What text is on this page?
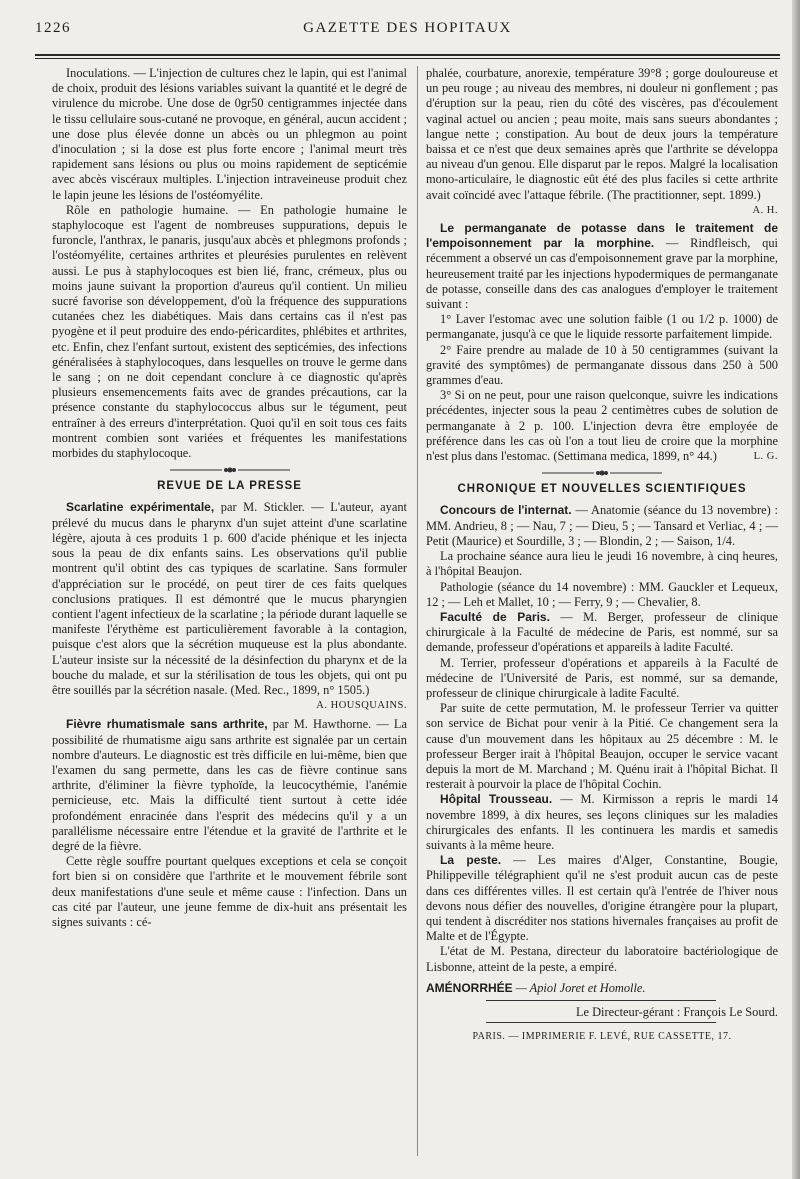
1226	GAZETTE DES HOPITAUX

Inoculations. — L'injection de cultures chez le lapin, qui est l'animal de choix, produit des lésions variables suivant la quantité et le degré de virulence du microbe. Une dose de 0gr50 centigrammes injectée dans le tissu cellulaire sous-cutané ne provoque, en général, aucun accident ; une dose plus élevée donne un abcès ou un phlegmon au point d'inoculation ; si la dose est plus forte encore ; l'animal meurt très rapidement sans lésions ou plus ou moins rapidement de septicémie avec abcès viscéraux multiples. L'injection intraveineuse produit chez le lapin jeune les lésions de l'ostéomyélite.

Rôle en pathologie humaine. — En pathologie humaine le staphylocoque est l'agent de nombreuses suppurations, depuis le furoncle, l'anthrax, le panaris, jusqu'aux abcès et phlegmons profonds ; l'ostéomyélite, certaines arthrites et pleurésies purulentes en relèvent aussi. Le pus à staphylocoques est bien lié, franc, crémeux, plus ou moins jaune suivant la proportion d'aureus qu'il contient. Un milieu sucré favorise son développement, d'où la fréquence des suppurations cutanées chez les diabétiques. Mais dans certains cas il n'est pas pyogène et il peut produire des endo-péricardites, phlébites et arthrites, etc. Enfin, chez l'enfant surtout, existent des septicémies, des infections généralisées à staphylocoques, dans lesquelles on trouve le germe dans le sang ; on ne doit cependant conclure à ce diagnostic qu'après plusieurs ensemencements faits avec de grandes précautions, car la présence constante du staphylococcus albus sur le tégument, peut entraîner à des erreurs d'interprétation. Quoi qu'il en soit tous ces faits montrent combien sont variées et fréquentes les manifestations morbides du staphylocoque.

REVUE DE LA PRESSE

Scarlatine expérimentale, par M. Stickler. — L'auteur, ayant prélevé du mucus dans le pharynx d'un sujet atteint d'une scarlatine légère, ajouta à ces produits 1 p. 600 d'acide phénique et les injecta sous la peau de dix enfants sains. Les observations qu'il publie montrent qu'il obtint des cas typiques de scarlatine. Sans formuler d'appréciation sur le procédé, on peut tirer de ces faits quelques conclusions pratiques. Il est démontré que le mucus pharyngien contient l'agent infectieux de la scarlatine ; la période durant laquelle se manifeste l'érythème est particulièrement favorable à la contagion, puisque c'est alors que la sécrétion muqueuse est la plus abondante. L'auteur insiste sur la nécessité de la désinfection du pharynx et de la bouche du malade, et sur la stérilisation de tous les objets, qui ont pu être souillés par la sécrétion nasale. (Med. Rec., 1899, n° 1505.)
A. HOUSQUAINS.

Fièvre rhumatismale sans arthrite, par M. Hawthorne. — La possibilité de rhumatisme aigu sans arthrite est signalée par un certain nombre d'auteurs. Le diagnostic est très difficile en lui-même, bien que l'examen du sang permette, dans les cas de fièvre continue sans arthrite, d'éliminer la fièvre typhoïde, la leucocythémie, l'anémie pernicieuse, etc. Mais la difficulté tient surtout à cette idée profondément enracinée dans l'esprit des médecins qu'il y a un parallélisme nécessaire entre l'étendue et la gravité de l'arthrite et le degré de la fièvre.

Cette règle souffre pourtant quelques exceptions et cela se conçoit fort bien si on considère que l'arthrite et le mouvement fébrile sont deux manifestations d'une seule et même cause : l'infection. Dans un cas cité par l'auteur, une jeune femme de dix-huit ans présentait les signes suivants : cé-

phalée, courbature, anorexie, température 39°8 ; gorge douloureuse et un peu rouge ; au niveau des membres, ni douleur ni gonflement ; pas d'éruption sur la peau, rien du côté des viscères, pas d'écoulement vaginal actuel ou ancien ; peau moite, mais sans sueurs abondantes ; langue nette ; constipation. Au bout de deux jours la température baissa et ce n'est que deux semaines après que l'arthrite se développa au niveau d'un genou. Elle disparut par le repos. Malgré la localisation mono-articulaire, le diagnostic eût été des plus faciles si cette arthrite avait coïncidé avec l'attaque fébrile. (The practitionner, sept. 1899.)
A. H.

Le permanganate de potasse dans le traitement de l'empoisonnement par la morphine. — Rindfleisch, qui récemment a observé un cas d'empoisonnement grave par la morphine, heureusement traité par les injections hypodermiques de permanganate de potasse, conseille dans des cas analogues d'employer le traitement suivant :

1° Laver l'estomac avec une solution faible (1 ou 1/2 p. 1000) de permanganate, jusqu'à ce que le liquide ressorte parfaitement limpide.

2° Faire prendre au malade de 10 à 50 centigrammes (suivant la gravité des symptômes) de permanganate dissous dans 250 à 500 grammes d'eau.

3° Si on ne peut, pour une raison quelconque, suivre les indications précédentes, injecter sous la peau 2 centimètres cubes de solution de permanganate à 2 p. 100. L'injection devra être employée de préférence dans les cas où l'on a tout lieu de croire que la morphine n'est plus dans l'estomac. (Settimana medica, 1899, n° 44.)	L. G.

CHRONIQUE ET NOUVELLES SCIENTIFIQUES

Concours de l'internat. — Anatomie (séance du 13 novembre) : MM. Andrieu, 8 ; — Nau, 7 ; — Dieu, 5 ; — Tansard et Verliac, 4 ; — Petit (Maurice) et Sourdille, 3 ; — Blondin, 2 ; — Saison, 1/4.

La prochaine séance aura lieu le jeudi 16 novembre, à cinq heures, à l'hôpital Beaujon.

Pathologie (séance du 14 novembre) : MM. Gauckler et Lequeux, 12 ; — Leh et Mallet, 10 ; — Ferry, 9 ; — Chevalier, 8.

Faculté de Paris. — M. Berger, professeur de clinique chirurgicale à la Faculté de médecine de Paris, est nommé, sur sa demande, professeur d'opérations et appareils à ladite Faculté.

M. Terrier, professeur d'opérations et appareils à la Faculté de médecine de l'Université de Paris, est nommé, sur sa demande, professeur de clinique chirurgicale à ladite Faculté.

Par suite de cette permutation, M. le professeur Terrier va quitter son service de Bichat pour venir à la Pitié. Ce changement sera la cause d'un mouvement dans les hôpitaux au 25 décembre : M. le professeur Berger irait à l'hôpital Beaujon, occuper le service vacant depuis la mort de M. Marchand ; M. Quénu irait à l'hôpital Bichat. Il resterait à pourvoir la place de l'hôpital Cochin.

Hôpital Trousseau. — M. Kirmisson a repris le mardi 14 novembre 1899, à dix heures, ses leçons cliniques sur les maladies chirurgicales des enfants. Il les continuera les mardis et samedis suivants à la même heure.

La peste. — Les maires d'Alger, Constantine, Bougie, Philippeville télégraphient qu'il ne s'est produit aucun cas de peste dans ces différentes villes. Il est certain qu'à l'entrée de l'hiver nous devons nous défier des nouvelles, d'origine étrangère pour la plupart, qui tendent à discréditer nos stations hivernales françaises au profit de Malte et de l'Égypte.

L'état de M. Pestana, directeur du laboratoire bactériologique de Lisbonne, atteint de la peste, a empiré.

AMÉNORRHÉE — Apiol Joret et Homolle.

Le Directeur-gérant : François Le Sourd.
PARIS. — IMPRIMERIE F. LEVÉ, RUE CASSETTE, 17.
